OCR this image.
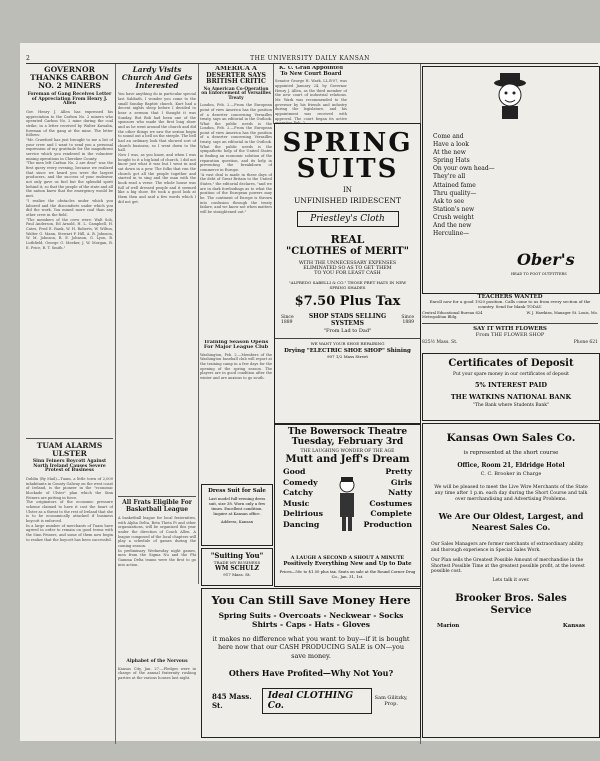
2	THE UNIVERSITY DAILY KANSAN
GOVERNOR THANKS CARBON NO. 2 MINERS
Foreman of Gang Receives Letter of Appreciation From Henry J. Allen
Gov. Henry J. Allen has expressed his appreciation to the Carbon No. 2 miners who operated Carbon No. 2 mine during the coal strike, in a letter received by Walter Kawaba, foreman of the gang at the mine. The letter follows:
"Mr. Crawford has just brought to me a list of your crew and I want to send you a personal expression of my gratitude for the magnificent service which you rendered in the volunteer mining operations in Cherokee County.
"The men left Carbon No. 2 are dear" was the first query every evening, because we realized that since we heard you were the largest producers, and the success of your endeavor not only gave us fuel but the splendid spirit behind it, so that the people of the state and all the nation knew that the emergency would be met.
"I realize the obstacles under which you labored and the discomforts under which you did the work. You mined more coal than any other crew in the field.
"The members of the crew were: Walt Soh, Paul Anderson, Ed Arnold, H. L. Campbell, H. Cates, Fred E. Rank, W. H. Roberts, W. Wilton, Walter G. Mann, Stewart P. Hill, A. B. Johnson, W. M. Johnson, R. E. Johnson, G. Lyon, B. Luthfield, George G. Meeker, J. W. Morgan, R. E. Price, R. T. Smith."
TUAM ALARMS ULSTER
Sinn Feiners Boycott Against North Ireland Causes Severe Protest of Business
Dublin (By Mail)—Tuam, a little town of 2,000 inhabitants in County Galway on the west coast of Ireland, is the pioneer in the "economic blockade of Ulster" plan which the Sinn Feiners are putting in force.
The originators of the economic pressure scheme claimed to have it cost the heart of Ulster as a threat to the rest of Ireland that she is to be economically attacked if business boycott is enforced.
In a large number of merchants of Tuam have agreed in order to remain on good terms with the Sinn Feiners, and some of them now begin to realize that the boycott has been successful.
Lardy Visits Church And Gets Interested
You have anything do in particular special last Sabbath, I wonder you come to the small Sunday Baptist church. Kurt had a decent nights sleep before I decided to hear a sermon that I thought it was Sunday. But Bob had been one of the sponsors who made the first long show and as he went around the church and did the other things we saw the sexton begin to sound out a bell on the steeple. The bell had an ordinary look that showed sort of church business, so I went down to the hall.
Now I was, as you know, and when I was bought to it a big kind of church, I did not know just what it was but I went in and sat down in a pew. The folks that run the church got all the people together and started in to sing and the man with the book read a verse. The whole house was full of well dressed people and it seemed like a big show. He took a good look at them then and said a few words which I did not get.
All Frats Eligible For Basketball League
A basketball league for local fraternities, with Alpha Delta, Beta Theta Pi and other organizations, will be organized this year under the direction of Coach Allen. A league composed of the local chapters will play a schedule of games during the coming season.
In preliminary Wednesday night games, men from the Sigma Nu and the Phi Gamma Delta teams were the first to go into action.
Alphabet of the Nervous
Kansas City, Jan. 27.—Pledges were in charge of the annual fraternity rushing parties at the various houses last night.
AMERICA A DESERTER SAYS BRITISH CRITIC
No American Co-Operation on Enforcement of Versailles Treaty
London, Feb. 2.—From the European point of view America has the position of a deserter concerning Versailles treaty, says an editorial in the Outlook. What the public needs is the

London, Feb. 2.—From the European point of view America has the position of a deserter concerning Versailles treaty, says an editorial in the Outlook. What the public needs is the sympathetic help of the United States in finding an economic solution of the reparation question, and its help in preventing the breakdown of commerce in Europe.
"A vast deal is made in these days of the debt of Great Britain to the United States," the editorial declares, "and we are in dark forebodings as to what the position of the European powers may be. The continent of Europe is thrown into confusion through the treaty failure, and we know not when matters will be straightened out."
Training Season Opens For Major League Club
Washington, Feb. 2.—Members of the Washington baseball club will report at the training camp in a few days for the opening of the spring season. The players are in good condition after the winter and are anxious to go south.
K. U. Grad Appointed To New Court Board
Senator George H. Wark, LL.B'07, was appointed January 24, by Governor Henry J. Allen, as the third member of the new court of industrial relations. Mr. Wark was recommended to the governor by his friends and industry during the legislature, and his appointment was received with approval. The court began its active
SPRING
SUITS
IN
UNFINISHED IRIDESCENT
Priestley's Cloth
REAL
"CLOTHES of MERIT"
WITH THE UNNECESSARY EXPENSES
ELIMINATED SO AS TO GET THEM
TO YOU FOR LEAST CASH
"ALFREDO SABELLI & CO." THOSE PRET HATS IN NEW SPRING SHADES
$7.50 Plus Tax
Since 1889
SHOP STADS SELLING SYSTEMS
Since 1889
"From Lad to Dad"
WE WANT YOUR SHOE REPAIRING
Drying "ELECTRIC SHOE SHOP" Shining
907 1/2 Mass Street
The Bowersock Theatre
Tuesday, February 3rd
THE LAUGHING WONDER OF THE AGE
Mutt and Jeff's Dream
Good
Comedy
Catchy
Music
Delirious
Dancing
Pretty
Girls
Natty
Costumes
Complete
Production
A LAUGH A SECOND A SHOUT A MINUTE
Positively Everything New and Up to Date
Prices—50c to $1.50 plus tax. Seats on sale at the Round Corner Drug Co., Jan. 31, 1st.
Dress Suit for Sale
Last model full-evening dress suit, size 38. Worn only a few times. Excellent condition. Inquire at Kansan office.
Address, Kansan
"Suiting You"
TRADE MY BUSINESS
WM SCHULZ
917 Mass. St.
You Can Still Save Money Here
Spring Suits - Overcoats - Neckwear - Socks
Shirts - Caps - Hats - Gloves
it makes no difference what you want to buy—if it is bought here now that our CASH PRODUCING SALE is ON—you save money.
Others Have Profited—Why Not You?
845 Mass. St.
Ideal CLOTHING Co.
Sam Gilitzky, Prop.
Come and
Have a look
At the new
Spring Hats
On your own head—
They're all
Attained fame
Thru quality—
Ask to see
Station's new
Crush weight
And the new
Herculine—
Ober's
HEAD TO FOOT OUTFITTERS
TEACHERS WANTED
Enroll now for a good 1920 position. Calls come to us from every section of the country. Send for blank TODAY.
Central Educational Bureau 624 Metropolitan Bldg.
W. J. Hawkins, Manager St. Louis, Mo.
SAY IT WITH FLOWERS
From THE FLOWER SHOP
825½ Mass. St.	Phone 621
Certificates of Deposit
Put your spare money in our certificates of deposit
5% INTEREST PAID
THE WATKINS NATIONAL BANK
"The Bank where Students Bank"
Kansas Own Sales Co.
is represented at the short course
Office, Room 21, Eldridge Hotel
C. C. Brooker in Charge
We will be pleased to meet the Live Wire Merchants of the State any time after 1 p.m. each day during the Short Course and talk over merchandising and Advertising Problems.
We Are Our Oldest, Largest, and Nearest Sales Co.
Our Sales Managers are former merchants of extraordinary ability and thorough experience in Special Sales Work.
Our Plan sells the Greatest Possible Amount of merchandise in the Shortest Possible Time at the greatest possible profit, at the lowest possible cost.
Lets talk it over.
Brooker Bros. Sales Service
Marion	Kansas
